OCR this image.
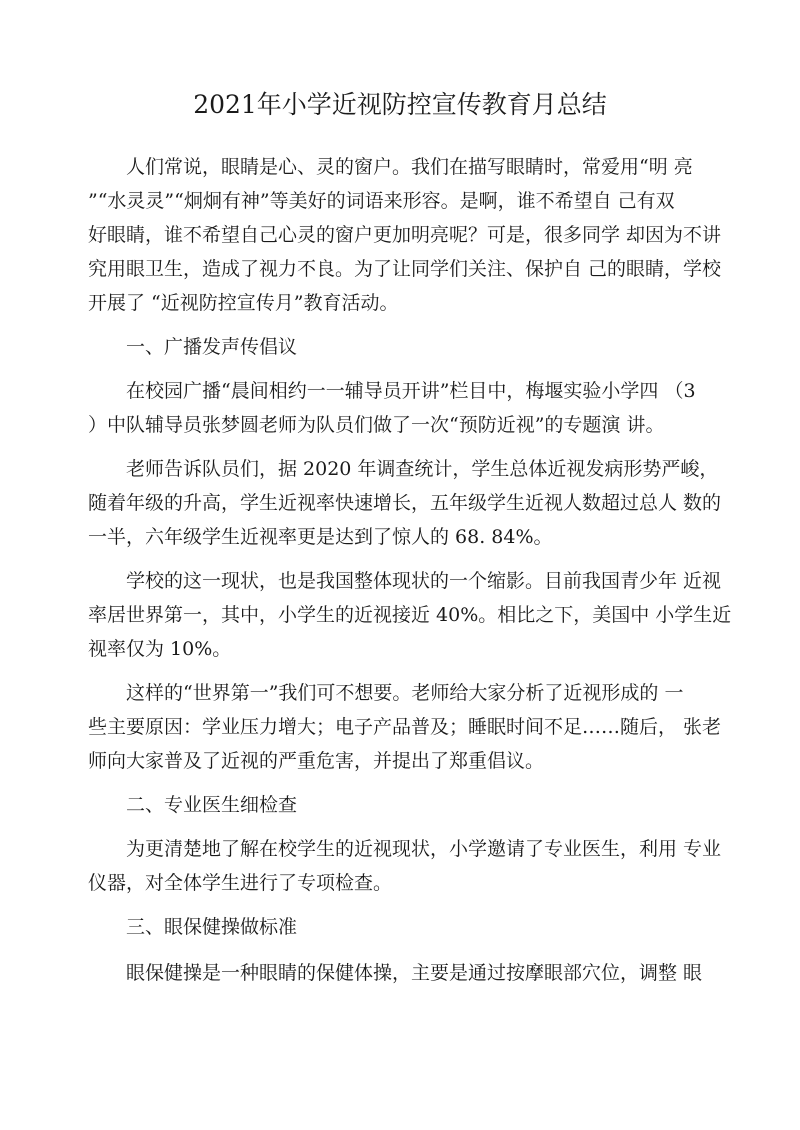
2021年小学近视防控宣传教育月总结
人们常说，眼睛是心、灵的窗户。我们在描写眼睛时，常爱用“明 亮
”“水灵灵”“炯炯有神”等美好的词语来形容。是啊，谁不希望自 己有双
好眼睛，谁不希望自己心灵的窗户更加明亮呢？可是，很多同学 却因为不讲
究用眼卫生，造成了视力不良。为了让同学们关注、保护自 己的眼睛，学校
开展了 “近视防控宣传月”教育活动。
一、广播发声传倡议
在校园广播“晨间相约一一辅导员开讲”栏目中，梅堰实验小学四 （3
）中队辅导员张梦圆老师为队员们做了一次“预防近视”的专题演 讲。
老师告诉队员们，据 2020 年调查统计，学生总体近视发病形势严峻，
随着年级的升高，学生近视率快速增长，五年级学生近视人数超过总人 数的
一半，六年级学生近视率更是达到了惊人的 68. 84%。
学校的这一现状，也是我国整体现状的一个缩影。目前我国青少年 近视
率居世界第一，其中，小学生的近视接近 40%。相比之下，美国中 小学生近
视率仅为 10%。
这样的“世界第一”我们可不想要。老师给大家分析了近视形成的 一
些主要原因：学业压力增大；电子产品普及；睡眠时间不足……随后， 张老
师向大家普及了近视的严重危害，并提出了郑重倡议。
二、专业医生细检查
为更清楚地了解在校学生的近视现状，小学邀请了专业医生，利用 专业
仪器，对全体学生进行了专项检查。
三、眼保健操做标准
眼保健操是一种眼睛的保健体操，主要是通过按摩眼部穴位，调整 眼
